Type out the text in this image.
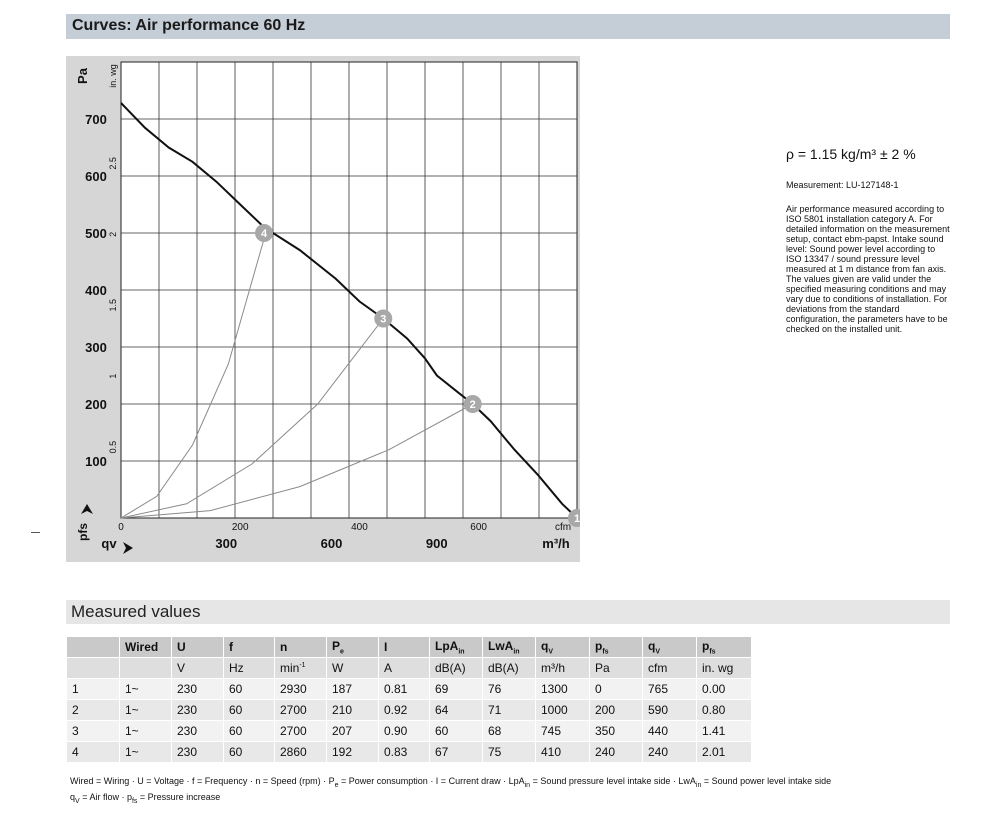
Curves: Air performance 60 Hz
100
200
300
400
500
600
700
Pa
0.5
1
1.5
2
2.5
in. wg
pfs	0	200	400	600	cfm
300	600	900	m³/h
qv
1
2
3
4
ρ = 1.15 kg/m³ ± 2 %
Measurement: LU-127148-1
Air performance measured according to ISO 5801 installation category A. For detailed information on the measurement setup, contact ebm-papst. Intake sound level: Sound power level according to ISO 13347 / sound pressure level measured at 1 m distance from fan axis. The values given are valid under the specified measuring conditions and may vary due to conditions of installation. For deviations from the standard configuration, the parameters have to be checked on the installed unit.
Measured values
	Wired	U	f	n	$P_e$	I	LpA$_{in}$	LwA$_{in}$	$q_V$	$p_{fs}$	$q_V$	$p_{fs}$
		V	Hz	$\min^{-1}$	W	A	dB(A)	dB(A)	m³/h	Pa	cfm	in. wg
1	1~	230	60	2930	187	0.81	69	76	1300	0	765	0.00
2	1~	230	60	2700	210	0.92	64	71	1000	200	590	0.80
3	1~	230	60	2700	207	0.90	60	68	745	350	440	1.41
4	1~	230	60	2860	192	0.83	67	75	410	240	240	2.01
Wired = Wiring · U = Voltage · f = Frequency · n = Speed $(rpm) \cdot P_e$ = Power consumption · I = Current draw · LpA$_{in}$ = Sound pressure level intake side · LwA$_{in}$ = Sound power level intake side
$q_V$ = Air flow · $p_{fs}$ = Pressure increase
